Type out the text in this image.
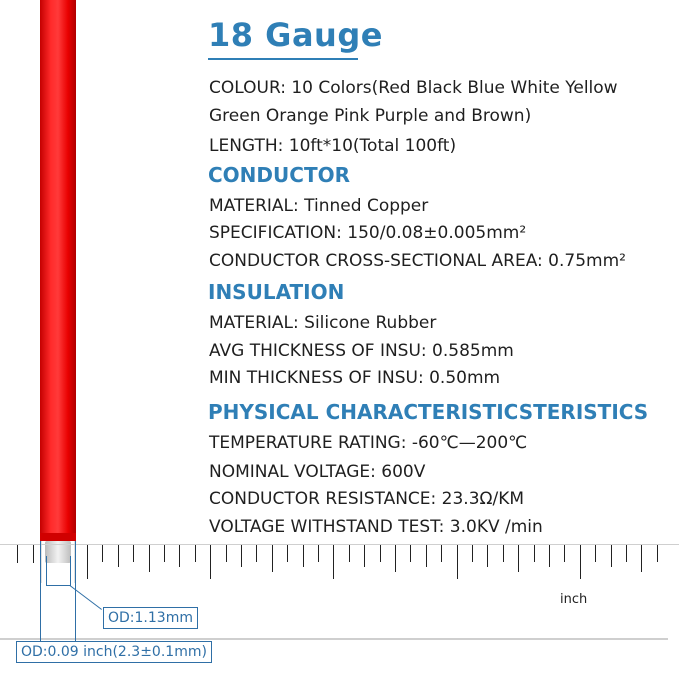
18 Gauge
COLOUR: 10 Colors(Red Black Blue White Yellow
Green Orange Pink Purple and Brown)
LENGTH: 10ft*10(Total 100ft)
CONDUCTOR
MATERIAL: Tinned Copper
SPECIFICATION: 150/0.08±0.005mm²
CONDUCTOR CROSS-SECTIONAL AREA: 0.75mm²
INSULATION
MATERIAL: Silicone Rubber
AVG THICKNESS OF INSU: 0.585mm
MIN THICKNESS OF INSU: 0.50mm
PHYSICAL CHARACTERISTICSTERISTICS
TEMPERATURE RATING: -60℃—200℃
NOMINAL VOLTAGE: 600V
CONDUCTOR RESISTANCE: 23.3Ω/KM
VOLTAGE WITHSTAND TEST: 3.0KV /min
inch
OD:1.13mm
OD:0.09 inch(2.3±0.1mm)
